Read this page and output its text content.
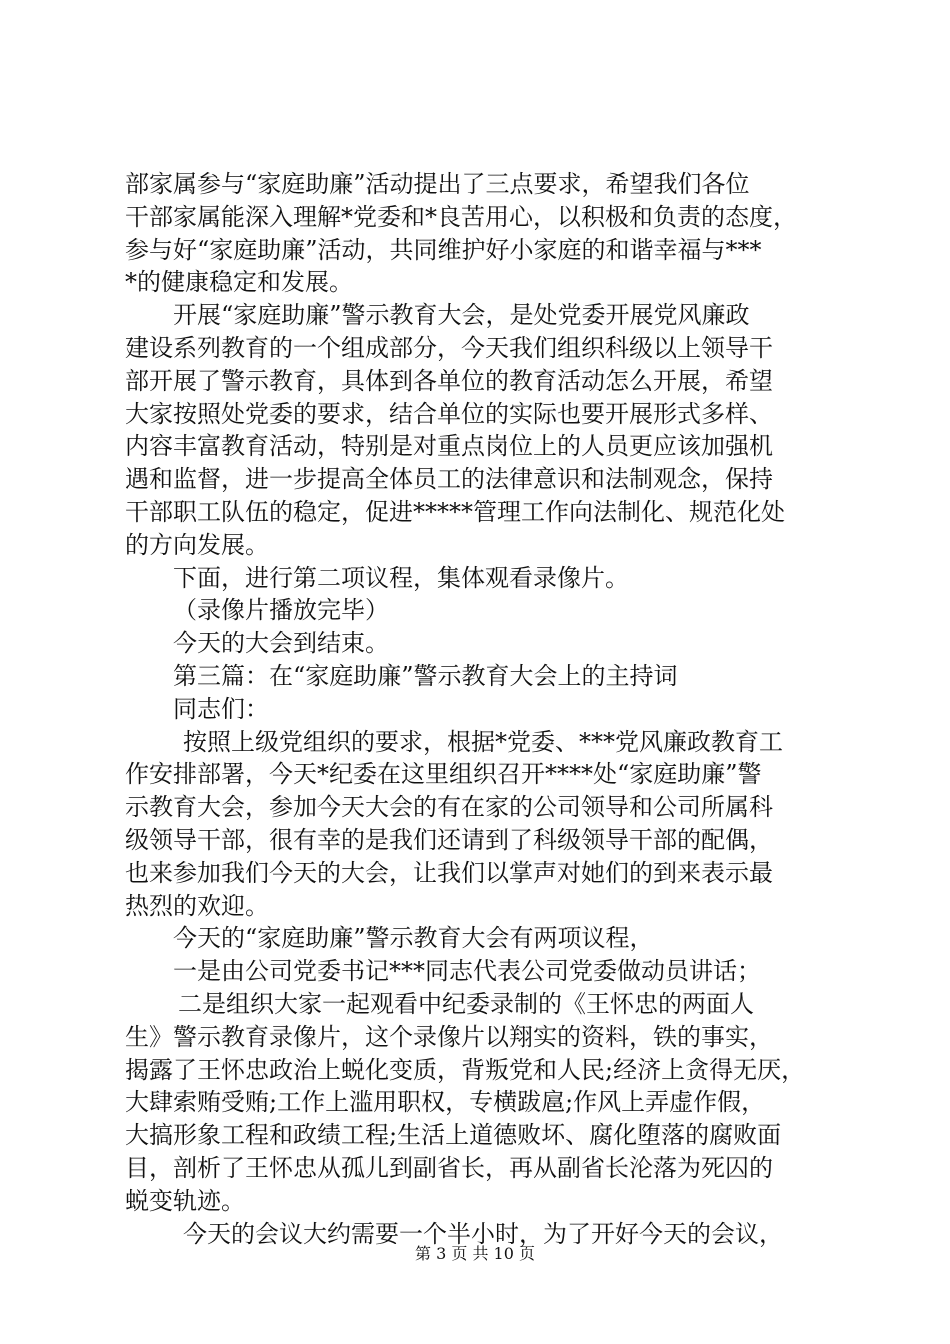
部家属参与“家庭助廉”活动提出了三点要求，希望我们各位
干部家属能深入理解*党委和*良苦用心，以积极和负责的态度，
参与好“家庭助廉”活动，共同维护好小家庭的和谐幸福与***
*的健康稳定和发展。
开展“家庭助廉”警示教育大会，是处党委开展党风廉政
建设系列教育的一个组成部分，今天我们组织科级以上领导干
部开展了警示教育，具体到各单位的教育活动怎么开展，希望
大家按照处党委的要求，结合单位的实际也要开展形式多样、
内容丰富教育活动，特别是对重点岗位上的人员更应该加强机
遇和监督，进一步提高全体员工的法律意识和法制观念，保持
干部职工队伍的稳定，促进*****管理工作向法制化、规范化处
的方向发展。
下面，进行第二项议程，集体观看录像片。
（录像片播放完毕）
今天的大会到结束。
第三篇：在“家庭助廉”警示教育大会上的主持词
同志们：
按照上级党组织的要求，根据*党委、***党风廉政教育工
作安排部署，今天*纪委在这里组织召开****处“家庭助廉”警
示教育大会，参加今天大会的有在家的公司领导和公司所属科
级领导干部，很有幸的是我们还请到了科级领导干部的配偶，
也来参加我们今天的大会，让我们以掌声对她们的到来表示最
热烈的欢迎。
今天的“家庭助廉”警示教育大会有两项议程，
一是由公司党委书记***同志代表公司党委做动员讲话；
二是组织大家一起观看中纪委录制的《王怀忠的两面人
生》警示教育录像片，这个录像片以翔实的资料，铁的事实，
揭露了王怀忠政治上蜕化变质，背叛党和人民;经济上贪得无厌，
大肆索贿受贿;工作上滥用职权，专横跋扈;作风上弄虚作假，
大搞形象工程和政绩工程;生活上道德败坏、腐化堕落的腐败面
目，剖析了王怀忠从孤儿到副省长，再从副省长沦落为死囚的
蜕变轨迹。
今天的会议大约需要一个半小时，为了开好今天的会议，
第 3 页 共 10 页
